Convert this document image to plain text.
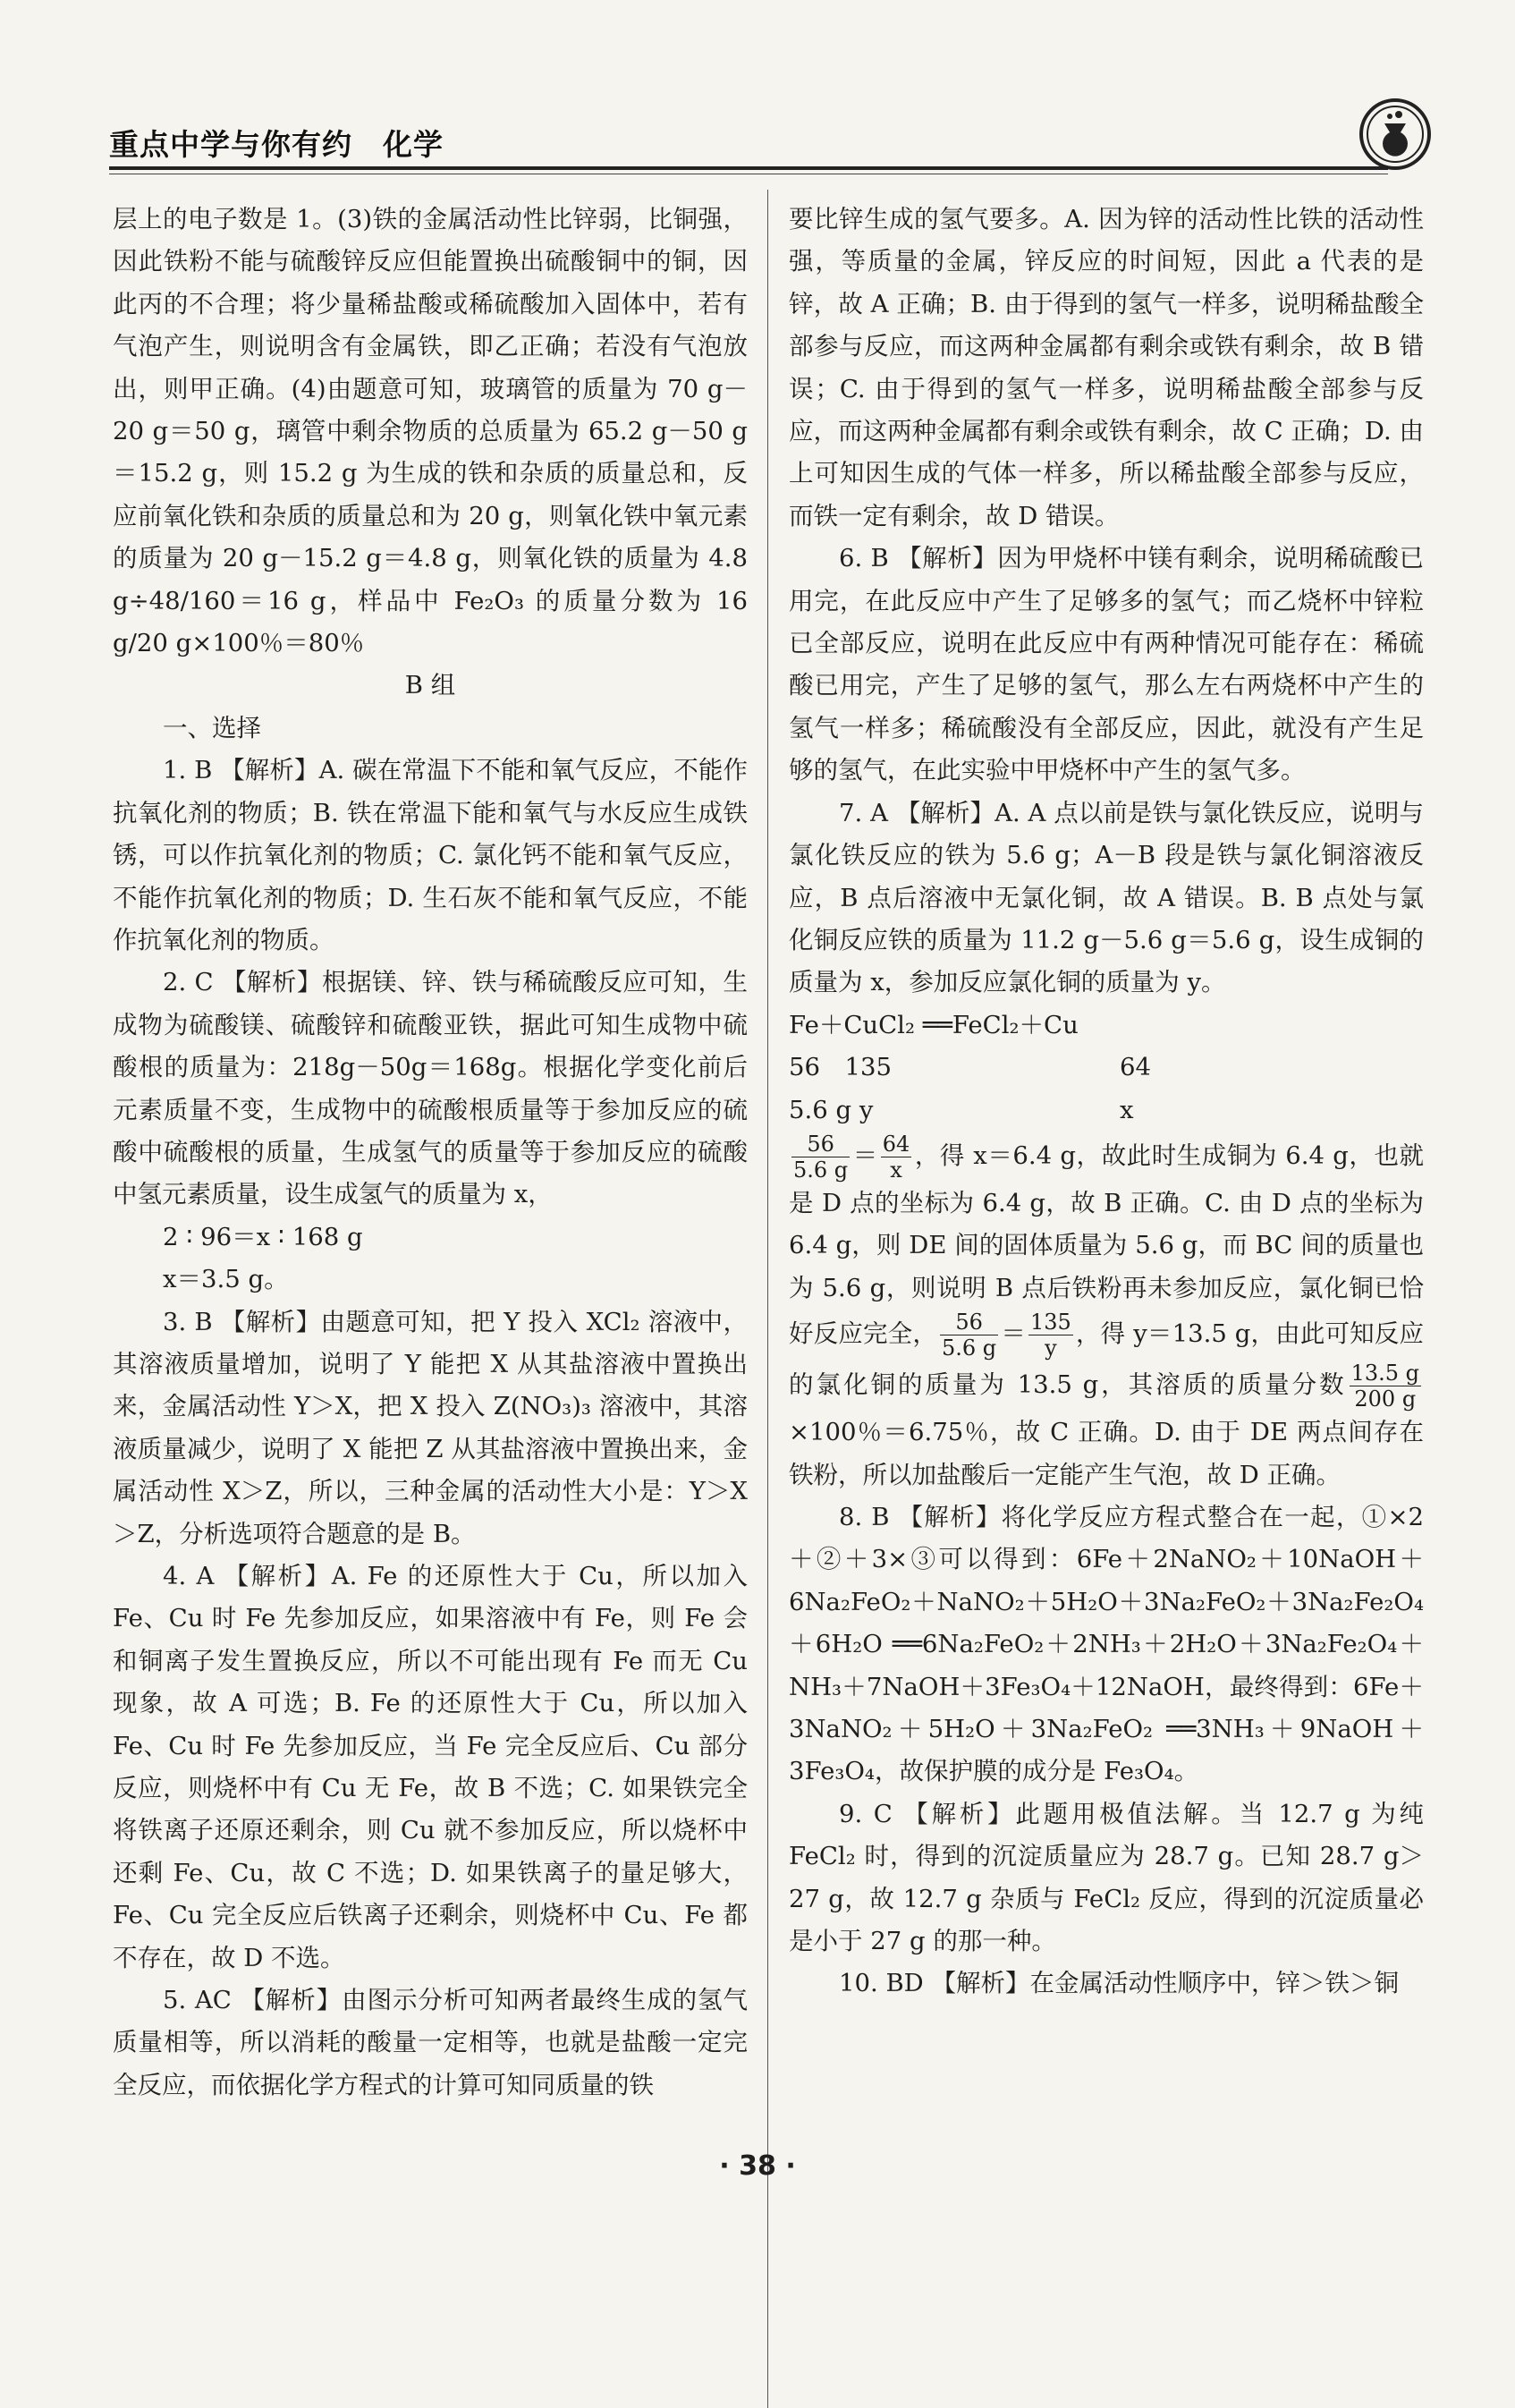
重点中学与你有约　化学

层上的电子数是 1。(3)铁的金属活动性比锌弱，比铜强，因此铁粉不能与硫酸锌反应但能置换出硫酸铜中的铜，因此丙的不合理；将少量稀盐酸或稀硫酸加入固体中，若有气泡产生，则说明含有金属铁，即乙正确；若没有气泡放出，则甲正确。(4)由题意可知，玻璃管的质量为 70 g－20 g＝50 g，璃管中剩余物质的总质量为 65.2 g－50 g＝15.2 g，则 15.2 g 为生成的铁和杂质的质量总和，反应前氧化铁和杂质的质量总和为 20 g，则氧化铁中氧元素的质量为 20 g－15.2 g＝4.8 g，则氧化铁的质量为 4.8 g÷48/160＝16 g，样品中 Fe₂O₃ 的质量分数为 16 g/20 g×100％＝80％

B 组

一、选择

1. B 【解析】A. 碳在常温下不能和氧气反应，不能作抗氧化剂的物质；B. 铁在常温下能和氧气与水反应生成铁锈，可以作抗氧化剂的物质；C. 氯化钙不能和氧气反应，不能作抗氧化剂的物质；D. 生石灰不能和氧气反应，不能作抗氧化剂的物质。

2. C 【解析】根据镁、锌、铁与稀硫酸反应可知，生成物为硫酸镁、硫酸锌和硫酸亚铁，据此可知生成物中硫酸根的质量为：218g－50g＝168g。根据化学变化前后元素质量不变，生成物中的硫酸根质量等于参加反应的硫酸中硫酸根的质量，生成氢气的质量等于参加反应的硫酸中氢元素质量，设生成氢气的质量为 x，

2 ∶ 96＝x ∶ 168 g

x＝3.5 g。

3. B 【解析】由题意可知，把 Y 投入 XCl₂ 溶液中，其溶液质量增加，说明了 Y 能把 X 从其盐溶液中置换出来，金属活动性 Y＞X，把 X 投入 Z(NO₃)₃ 溶液中，其溶液质量减少，说明了 X 能把 Z 从其盐溶液中置换出来，金属活动性 X＞Z，所以，三种金属的活动性大小是：Y＞X＞Z，分析选项符合题意的是 B。

4. A 【解析】A. Fe 的还原性大于 Cu，所以加入 Fe、Cu 时 Fe 先参加反应，如果溶液中有 Fe，则 Fe 会和铜离子发生置换反应，所以不可能出现有 Fe 而无 Cu 现象，故 A 可选；B. Fe 的还原性大于 Cu，所以加入 Fe、Cu 时 Fe 先参加反应，当 Fe 完全反应后、Cu 部分反应，则烧杯中有 Cu 无 Fe，故 B 不选；C. 如果铁完全将铁离子还原还剩余，则 Cu 就不参加反应，所以烧杯中还剩 Fe、Cu，故 C 不选；D. 如果铁离子的量足够大，Fe、Cu 完全反应后铁离子还剩余，则烧杯中 Cu、Fe 都不存在，故 D 不选。

5. AC 【解析】由图示分析可知两者最终生成的氢气质量相等，所以消耗的酸量一定相等，也就是盐酸一定完全反应，而依据化学方程式的计算可知同质量的铁

要比锌生成的氢气要多。A. 因为锌的活动性比铁的活动性强，等质量的金属，锌反应的时间短，因此 a 代表的是锌，故 A 正确；B. 由于得到的氢气一样多，说明稀盐酸全部参与反应，而这两种金属都有剩余或铁有剩余，故 B 错误；C. 由于得到的氢气一样多，说明稀盐酸全部参与反应，而这两种金属都有剩余或铁有剩余，故 C 正确；D. 由上可知因生成的气体一样多，所以稀盐酸全部参与反应，而铁一定有剩余，故 D 错误。

6. B 【解析】因为甲烧杯中镁有剩余，说明稀硫酸已用完，在此反应中产生了足够多的氢气；而乙烧杯中锌粒已全部反应，说明在此反应中有两种情况可能存在：稀硫酸已用完，产生了足够的氢气，那么左右两烧杯中产生的氢气一样多；稀硫酸没有全部反应，因此，就没有产生足够的氢气，在此实验中甲烧杯中产生的氢气多。

7. A 【解析】A. A 点以前是铁与氯化铁反应，说明与氯化铁反应的铁为 5.6 g；A－B 段是铁与氯化铜溶液反应，B 点后溶液中无氯化铜，故 A 错误。B. B 点处与氯化铜反应铁的质量为 11.2 g－5.6 g＝5.6 g，设生成铜的质量为 x，参加反应氯化铜的质量为 y。

Fe＋CuCl₂ ══FeCl₂＋Cu

56　135	64
5.6 g y	x

$\frac{56}{5.6 g} = \frac{64}{x}$ ，得 x＝6.4 g，故此时生成铜为 6.4 g，也就是 D 点的坐标为 6.4 g，故 B 正确。C. 由 D 点的坐标为 6.4 g，则 DE 间的固体质量为 5.6 g，而 BC 间的质量也为 5.6 g，则说明 B 点后铁粉再未参加反应，氯化铜已恰好反应完全， $\frac{56}{5.6 g} = \frac{135}{y}$ ，得 y＝13.5 g，由此可知反应的氯化铜的质量为 13.5 g，其溶质的质量分数 $\frac{13.5 g}{200 g}$
×100％＝6.75％，故 C 正确。D. 由于 DE 两点间存在铁粉，所以加盐酸后一定能产生气泡，故 D 正确。

8. B 【解析】将化学反应方程式整合在一起，①×2＋②＋3×③可以得到：6Fe＋2NaNO₂＋10NaOH＋6Na₂FeO₂＋NaNO₂＋5H₂O＋3Na₂FeO₂＋3Na₂Fe₂O₄＋6H₂O ══6Na₂FeO₂＋2NH₃＋2H₂O＋3Na₂Fe₂O₄＋NH₃＋7NaOH＋3Fe₃O₄＋12NaOH，最终得到：6Fe＋3NaNO₂＋5H₂O＋3Na₂FeO₂ ══3NH₃＋9NaOH＋3Fe₃O₄，故保护膜的成分是 Fe₃O₄。

9. C 【解析】此题用极值法解。当 12.7 g 为纯 FeCl₂ 时，得到的沉淀质量应为 28.7 g。已知 28.7 g＞27 g，故 12.7 g 杂质与 FeCl₂ 反应，得到的沉淀质量必是小于 27 g 的那一种。

10. BD 【解析】在金属活动性顺序中，锌＞铁＞铜

· 38 ·
